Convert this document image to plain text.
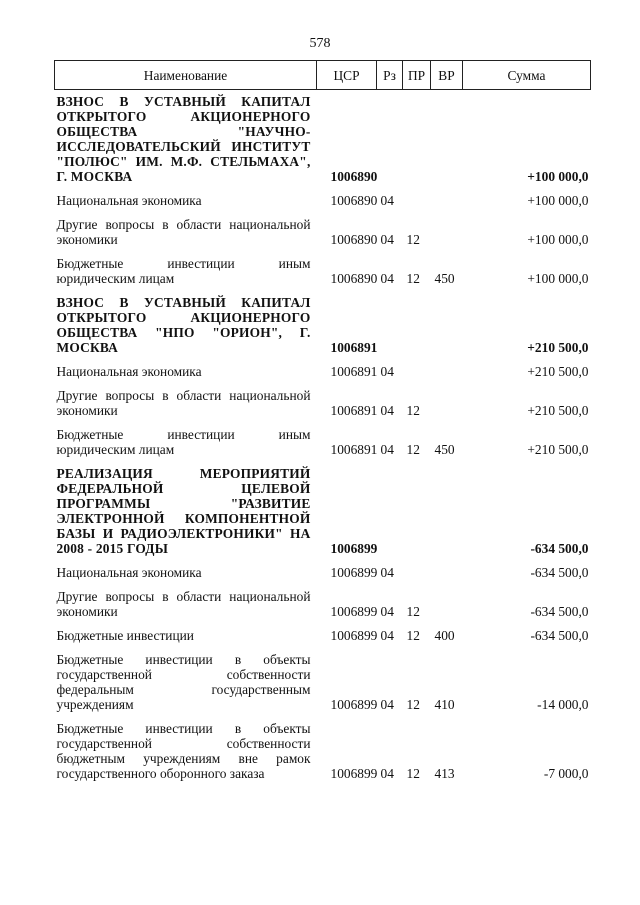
578
Наименование	ЦСР	Рз	ПР	ВР	Сумма
ВЗНОС В УСТАВНЫЙ КАПИТАЛ ОТКРЫТОГО АКЦИОНЕРНОГО ОБЩЕСТВА "НАУЧНО-ИССЛЕДОВАТЕЛЬСКИЙ ИНСТИТУТ "ПОЛЮС" ИМ. М.Ф. СТЕЛЬМАХА", Г. МОСКВА	1006890				+100 000,0
Национальная экономика	1006890	04			+100 000,0
Другие вопросы в области национальной экономики	1006890	04	12		+100 000,0
Бюджетные инвестиции иным юридическим лицам	1006890	04	12	450	+100 000,0
ВЗНОС В УСТАВНЫЙ КАПИТАЛ ОТКРЫТОГО АКЦИОНЕРНОГО ОБЩЕСТВА "НПО "ОРИОН", Г. МОСКВА	1006891				+210 500,0
Национальная экономика	1006891	04			+210 500,0
Другие вопросы в области национальной экономики	1006891	04	12		+210 500,0
Бюджетные инвестиции иным юридическим лицам	1006891	04	12	450	+210 500,0
РЕАЛИЗАЦИЯ МЕРОПРИЯТИЙ ФЕДЕРАЛЬНОЙ ЦЕЛЕВОЙ ПРОГРАММЫ "РАЗВИТИЕ ЭЛЕКТРОННОЙ КОМПОНЕНТНОЙ БАЗЫ И РАДИОЭЛЕКТРОНИКИ" НА 2008 - 2015 ГОДЫ	1006899				-634 500,0
Национальная экономика	1006899	04			-634 500,0
Другие вопросы в области национальной экономики	1006899	04	12		-634 500,0
Бюджетные инвестиции	1006899	04	12	400	-634 500,0
Бюджетные инвестиции в объекты государственной собственности федеральным государственным учреждениям	1006899	04	12	410	-14 000,0
Бюджетные инвестиции в объекты государственной собственности бюджетным учреждениям вне рамок государственного оборонного заказа	1006899	04	12	413	-7 000,0
